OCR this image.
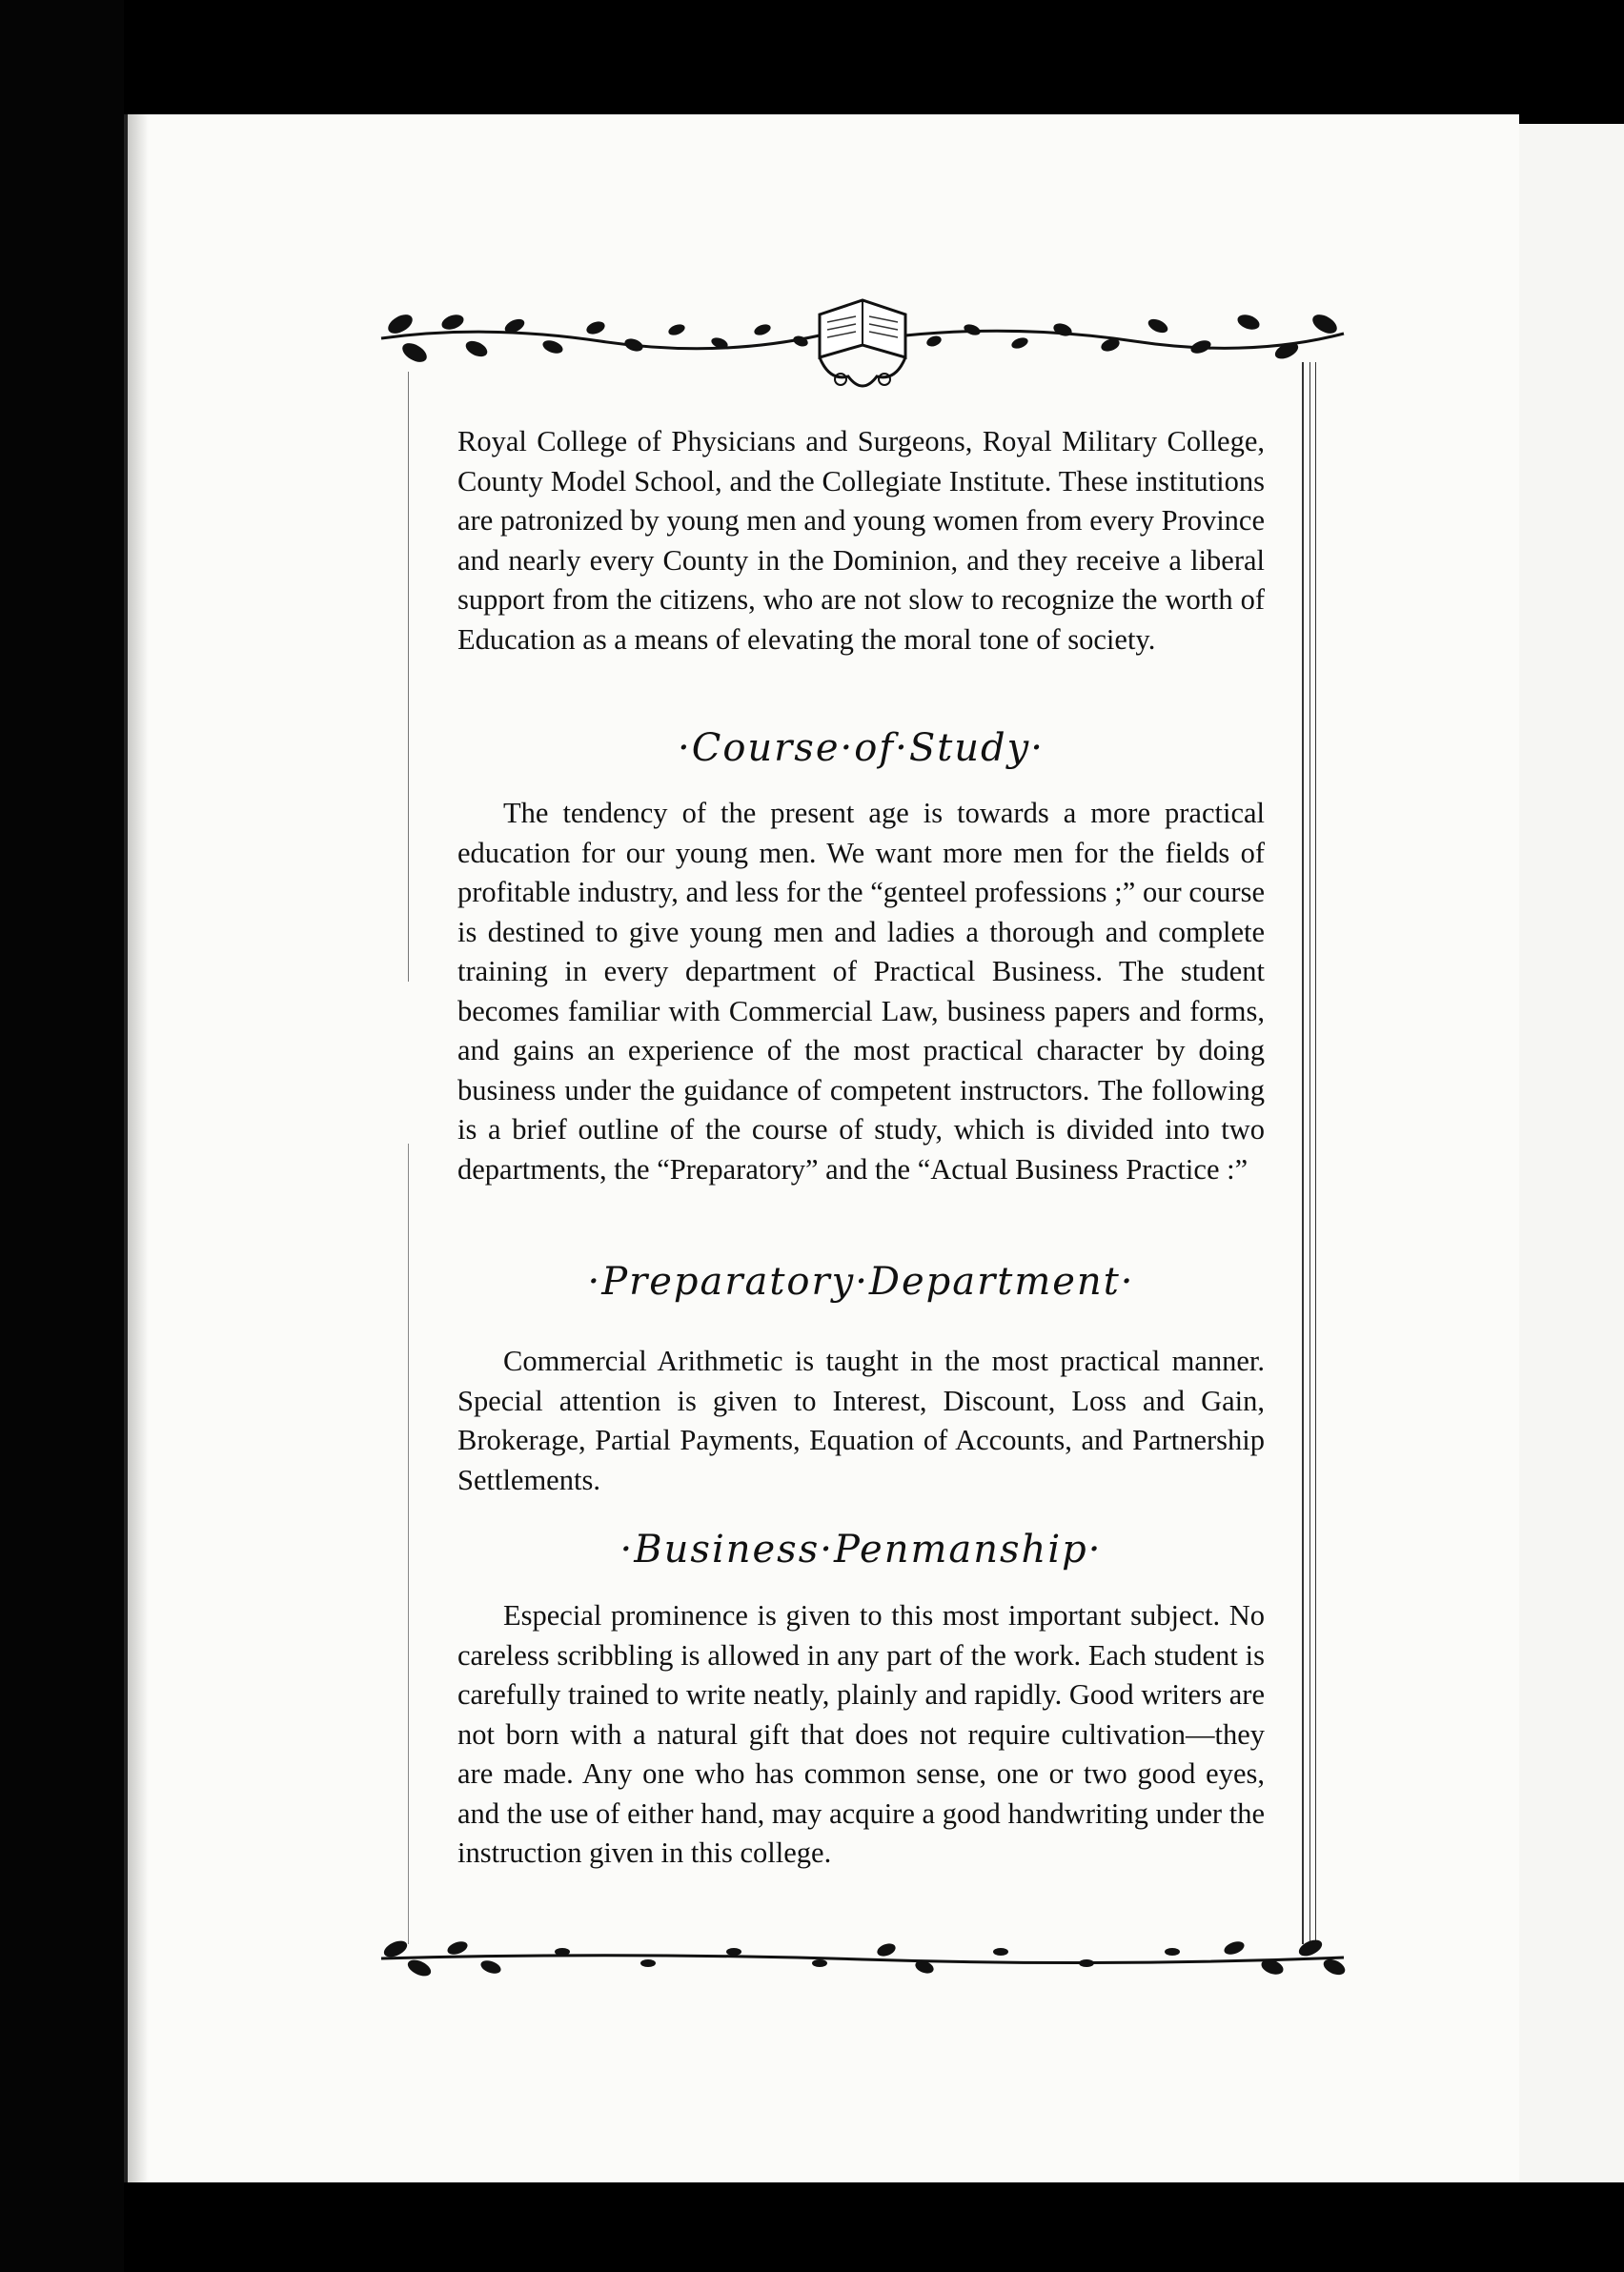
Royal College of Physicians and Surgeons, Royal Military College, County Model School, and the Collegiate Institute. These institutions are patronized by young men and young women from every Province and nearly every County in the Dominion, and they receive a liberal support from the citizens, who are not slow to recognize the worth of Education as a means of elevating the moral tone of society.

·Course·of·Study·

The tendency of the present age is towards a more practical education for our young men. We want more men for the fields of profitable industry, and less for the “genteel professions ;” our course is destined to give young men and ladies a thorough and complete training in every department of Practical Business. The student becomes familiar with Commercial Law, business papers and forms, and gains an experience of the most practical character by doing business under the guidance of competent instructors. The following is a brief outline of the course of study, which is divided into two departments, the “Preparatory” and the “Actual Business Practice :”

·Preparatory·Department·

Commercial Arithmetic is taught in the most practical manner. Special attention is given to Interest, Discount, Loss and Gain, Brokerage, Partial Payments, Equation of Accounts, and Partnership Settlements.

·Business·Penmanship·

Especial prominence is given to this most important subject. No careless scribbling is allowed in any part of the work. Each student is carefully trained to write neatly, plainly and rapidly. Good writers are not born with a natural gift that does not require cultivation—they are made. Any one who has common sense, one or two good eyes, and the use of either hand, may acquire a good handwriting under the instruction given in this college.
